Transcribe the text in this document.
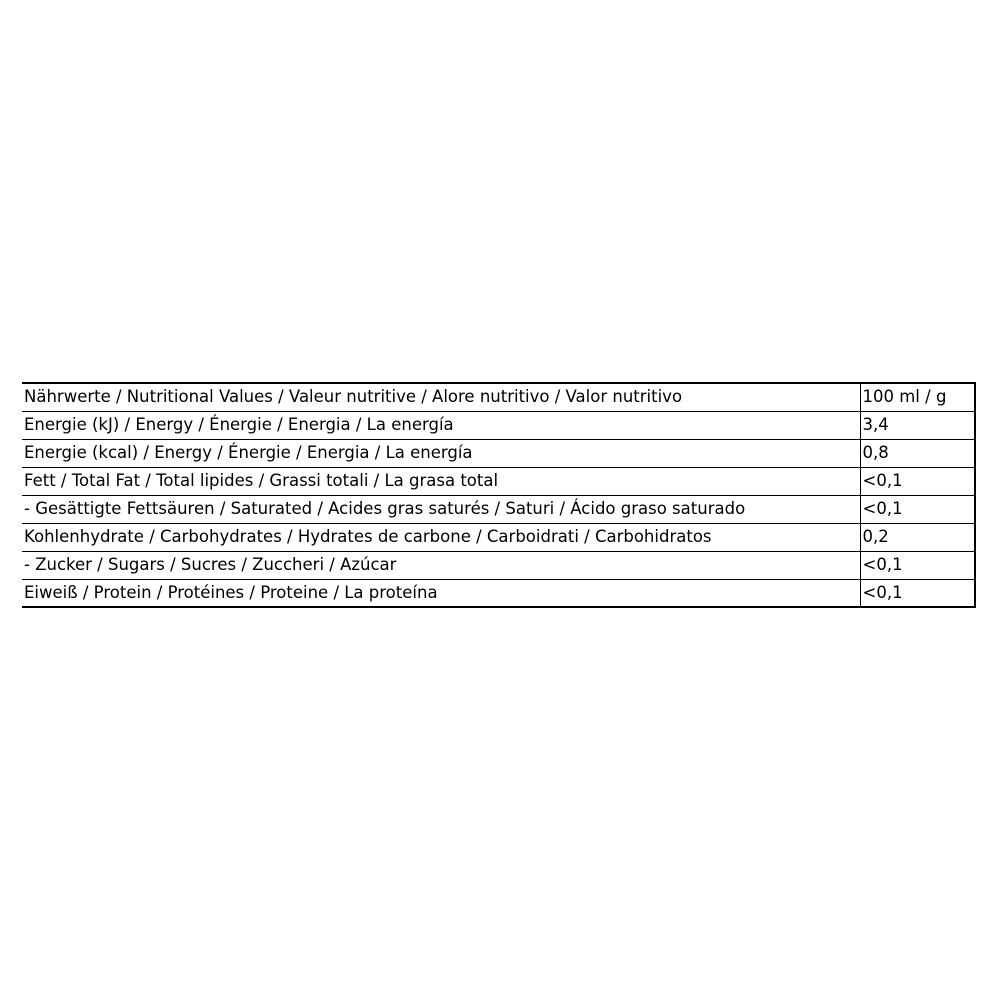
Nährwerte / Nutritional Values / Valeur nutritive / Alore nutritivo / Valor nutritivo	100 ml / g
Energie (kJ) / Energy / Énergie / Energia / La energía	3,4
Energie (kcal) / Energy / Énergie / Energia / La energía	0,8
Fett / Total Fat / Total lipides / Grassi totali / La grasa total	<0,1
- Gesättigte Fettsäuren / Saturated / Acides gras saturés / Saturi / Ácido graso saturado	<0,1
Kohlenhydrate / Carbohydrates / Hydrates de carbone / Carboidrati / Carbohidratos	0,2
- Zucker / Sugars / Sucres / Zuccheri / Azúcar	<0,1
Eiweiß / Protein / Protéines / Proteine / La proteína	<0,1
